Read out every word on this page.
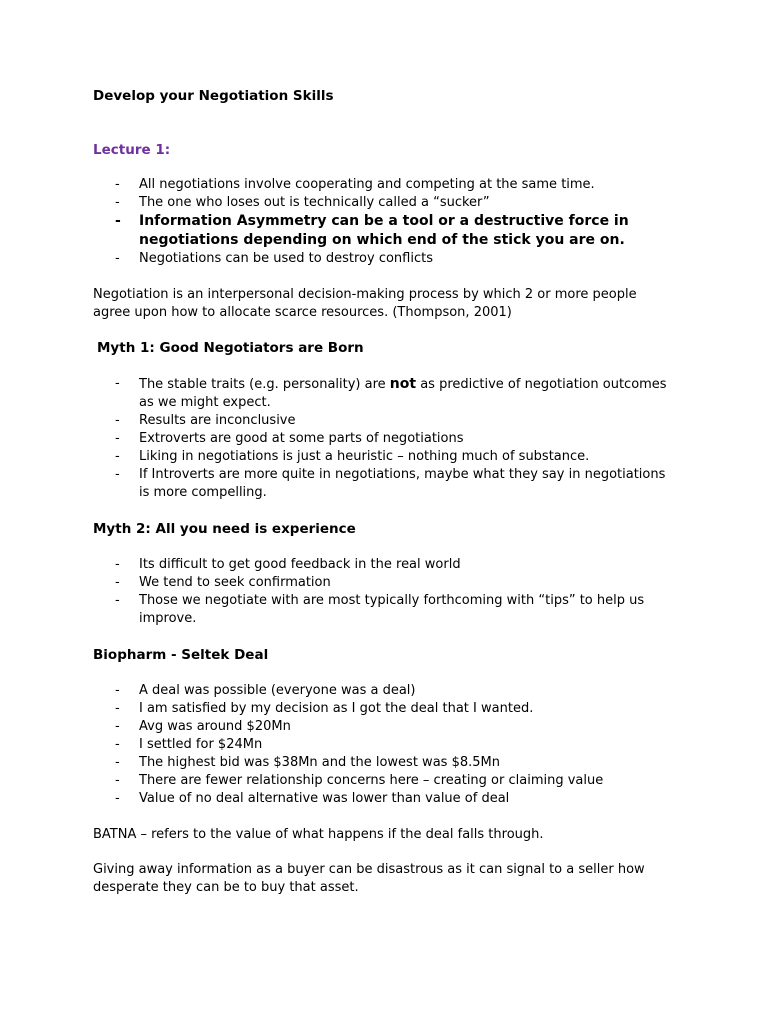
Develop your Negotiation Skills

Lecture 1:

- All negotiations involve cooperating and competing at the same time.
- The one who loses out is technically called a “sucker”
- Information Asymmetry can be a tool or a destructive force in negotiations depending on which end of the stick you are on.
- Negotiations can be used to destroy conflicts

Negotiation is an interpersonal decision-making process by which 2 or more people agree upon how to allocate scarce resources. (Thompson, 2001)

Myth 1: Good Negotiators are Born

- The stable traits (e.g. personality) are not as predictive of negotiation outcomes as we might expect.
- Results are inconclusive
- Extroverts are good at some parts of negotiations
- Liking in negotiations is just a heuristic – nothing much of substance.
- If Introverts are more quite in negotiations, maybe what they say in negotiations is more compelling.

Myth 2: All you need is experience

- Its difficult to get good feedback in the real world
- We tend to seek confirmation
- Those we negotiate with are most typically forthcoming with “tips” to help us improve.

Biopharm - Seltek Deal

- A deal was possible (everyone was a deal)
- I am satisfied by my decision as I got the deal that I wanted.
- Avg was around $20Mn
- I settled for $24Mn
- The highest bid was $38Mn and the lowest was $8.5Mn
- There are fewer relationship concerns here – creating or claiming value
- Value of no deal alternative was lower than value of deal

BATNA – refers to the value of what happens if the deal falls through.

Giving away information as a buyer can be disastrous as it can signal to a seller how desperate they can be to buy that asset.
